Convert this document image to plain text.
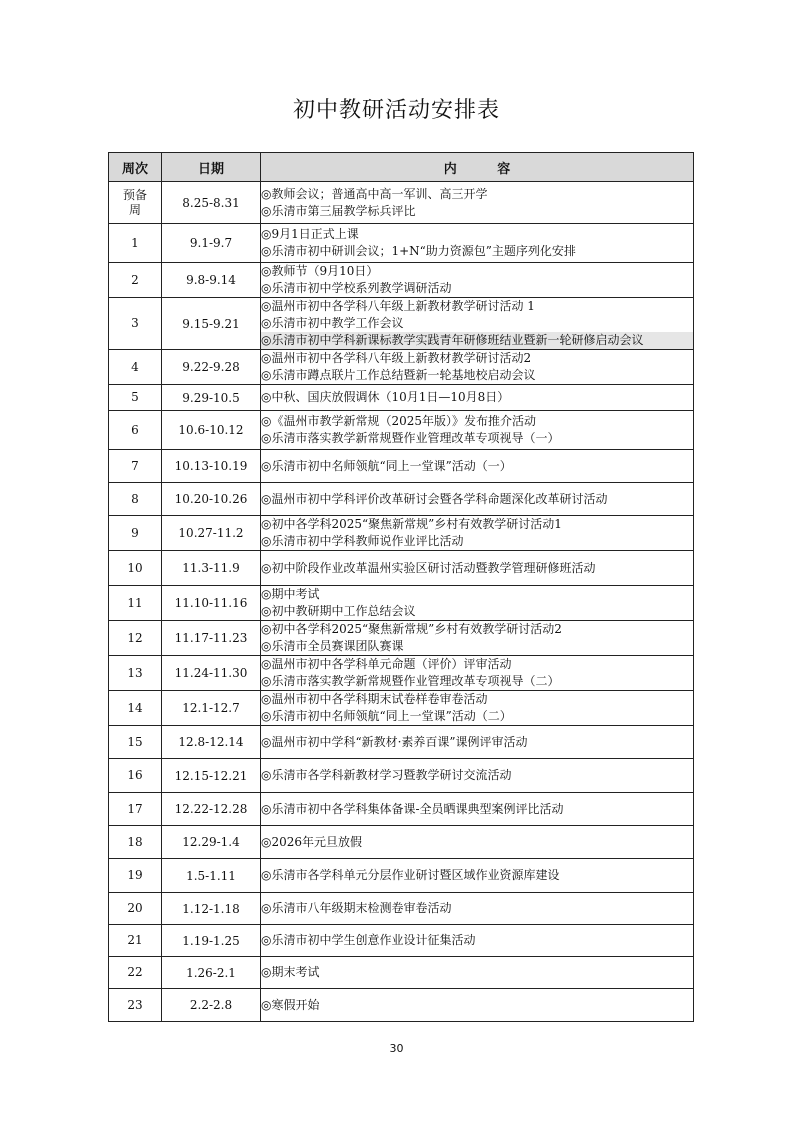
初中教研活动安排表
周次	日期	内 容
预备周	8.25-8.31	◎教师会议；普通高中高一军训、高三开学
◎乐清市第三届教学标兵评比

1	9.1-9.7	◎9月1日正式上课
◎乐清市初中研训会议；1+N“助力资源包”主题序列化安排

2	9.8-9.14	◎教师节（9月10日）
◎乐清市初中学校系列教学调研活动

3	9.15-9.21	◎温州市初中各学科八年级上新教材教学研讨活动 1
◎乐清市初中教学工作会议
◎乐清市初中学科新课标教学实践青年研修班结业暨新一轮研修启动会议

4	9.22-9.28	◎温州市初中各学科八年级上新教材教学研讨活动2
◎乐清市蹲点联片工作总结暨新一轮基地校启动会议

5	9.29-10.5	◎中秋、国庆放假调休（10月1日—10月8日）

6	10.6-10.12	◎《温州市教学新常规（2025年版）》发布推介活动
◎乐清市落实教学新常规暨作业管理改革专项视导（一）

7	10.13-10.19	◎乐清市初中名师领航“同上一堂课”活动（一）

8	10.20-10.26	◎温州市初中学科评价改革研讨会暨各学科命题深化改革研讨活动

9	10.27-11.2	◎初中各学科2025“聚焦新常规”乡村有效教学研讨活动1
◎乐清市初中学科教师说作业评比活动

10	11.3-11.9	◎初中阶段作业改革温州实验区研讨活动暨教学管理研修班活动

11	11.10-11.16	◎期中考试
◎初中教研期中工作总结会议

12	11.17-11.23	◎初中各学科2025“聚焦新常规”乡村有效教学研讨活动2
◎乐清市全员赛课团队赛课

13	11.24-11.30	◎温州市初中各学科单元命题（评价）评审活动
◎乐清市落实教学新常规暨作业管理改革专项视导（二）

14	12.1-12.7	◎温州市初中各学科期末试卷样卷审卷活动
◎乐清市初中名师领航“同上一堂课”活动（二）

15	12.8-12.14	◎温州市初中学科“新教材·素养百课”课例评审活动

16	12.15-12.21	◎乐清市各学科新教材学习暨教学研讨交流活动

17	12.22-12.28	◎乐清市初中各学科集体备课-全员晒课典型案例评比活动

18	12.29-1.4	◎2026年元旦放假

19	1.5-1.11	◎乐清市各学科单元分层作业研讨暨区域作业资源库建设

20	1.12-1.18	◎乐清市八年级期末检测卷审卷活动

21	1.19-1.25	◎乐清市初中学生创意作业设计征集活动

22	1.26-2.1	◎期末考试

23	2.2-2.8	◎寒假开始
30
